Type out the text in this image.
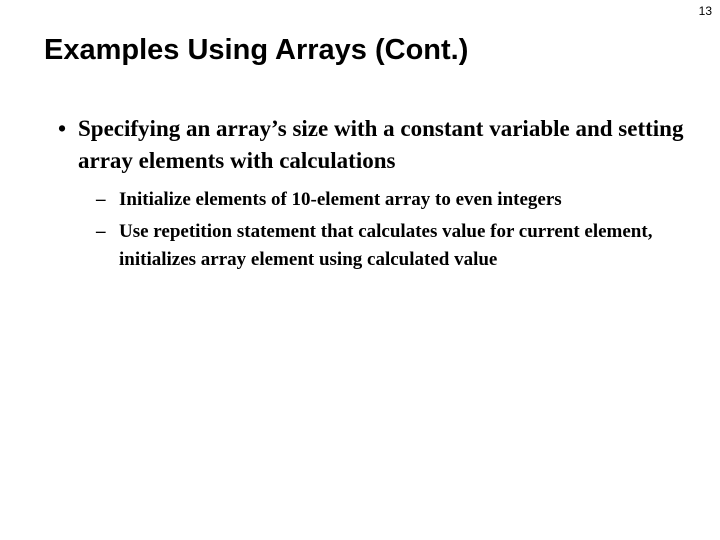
13
Examples Using Arrays (Cont.)
• Specifying an array’s size with a constant variable and setting array elements with calculations
– Initialize elements of 10-element array to even integers
– Use repetition statement that calculates value for current element, initializes array element using calculated value
